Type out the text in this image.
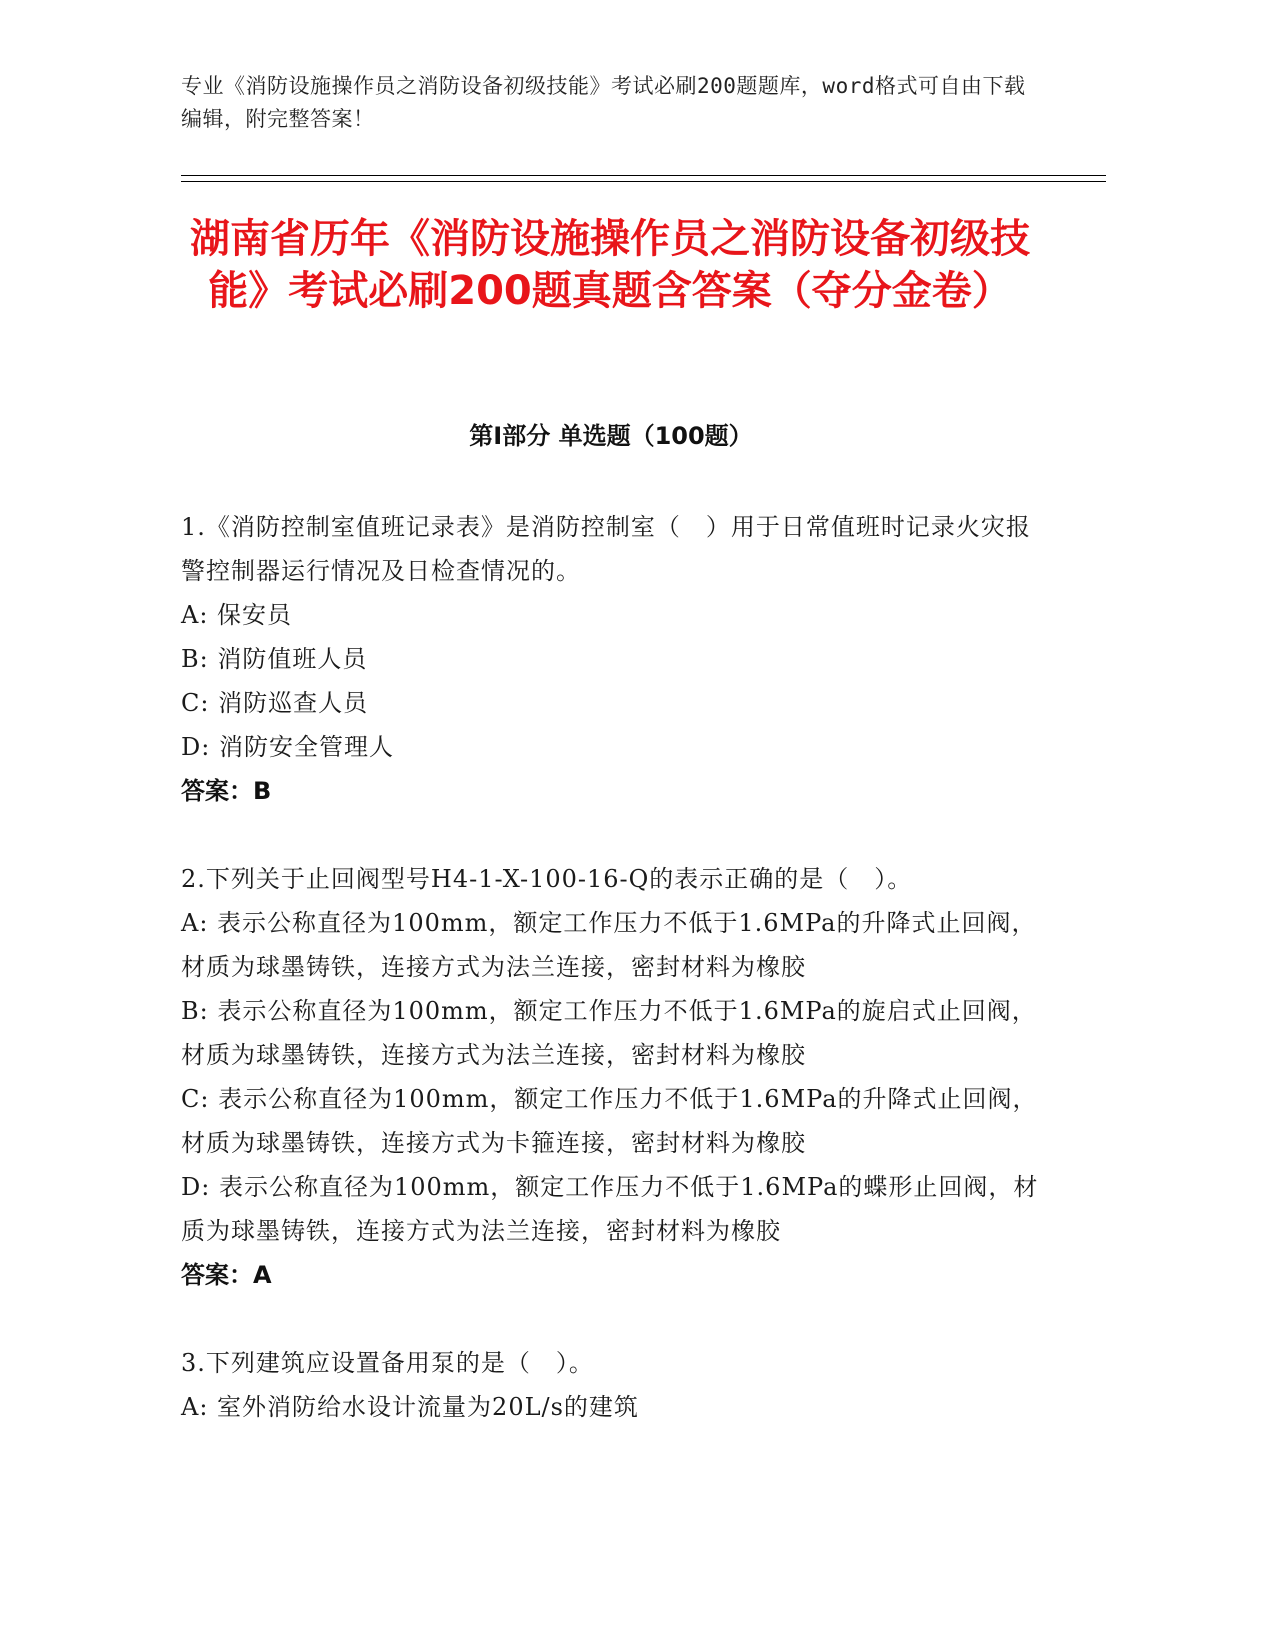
专业《消防设施操作员之消防设备初级技能》考试必刷200题题库，word格式可自由下载编辑，附完整答案！
湖南省历年《消防设施操作员之消防设备初级技能》考试必刷200题真题含答案（夺分金卷）
第Ⅰ部分 单选题（100题）
1.《消防控制室值班记录表》是消防控制室（　）用于日常值班时记录火灾报警控制器运行情况及日检查情况的。
A: 保安员
B: 消防值班人员
C: 消防巡查人员
D: 消防安全管理人
答案：B
2.下列关于止回阀型号H4-1-X-100-16-Q的表示正确的是（　）。
A: 表示公称直径为100mm，额定工作压力不低于1.6MPa的升降式止回阀，材质为球墨铸铁，连接方式为法兰连接，密封材料为橡胶
B: 表示公称直径为100mm，额定工作压力不低于1.6MPa的旋启式止回阀，材质为球墨铸铁，连接方式为法兰连接，密封材料为橡胶
C: 表示公称直径为100mm，额定工作压力不低于1.6MPa的升降式止回阀，材质为球墨铸铁，连接方式为卡箍连接，密封材料为橡胶
D: 表示公称直径为100mm，额定工作压力不低于1.6MPa的蝶形止回阀，材质为球墨铸铁，连接方式为法兰连接，密封材料为橡胶
答案：A
3.下列建筑应设置备用泵的是（　）。
A: 室外消防给水设计流量为20L/s的建筑
